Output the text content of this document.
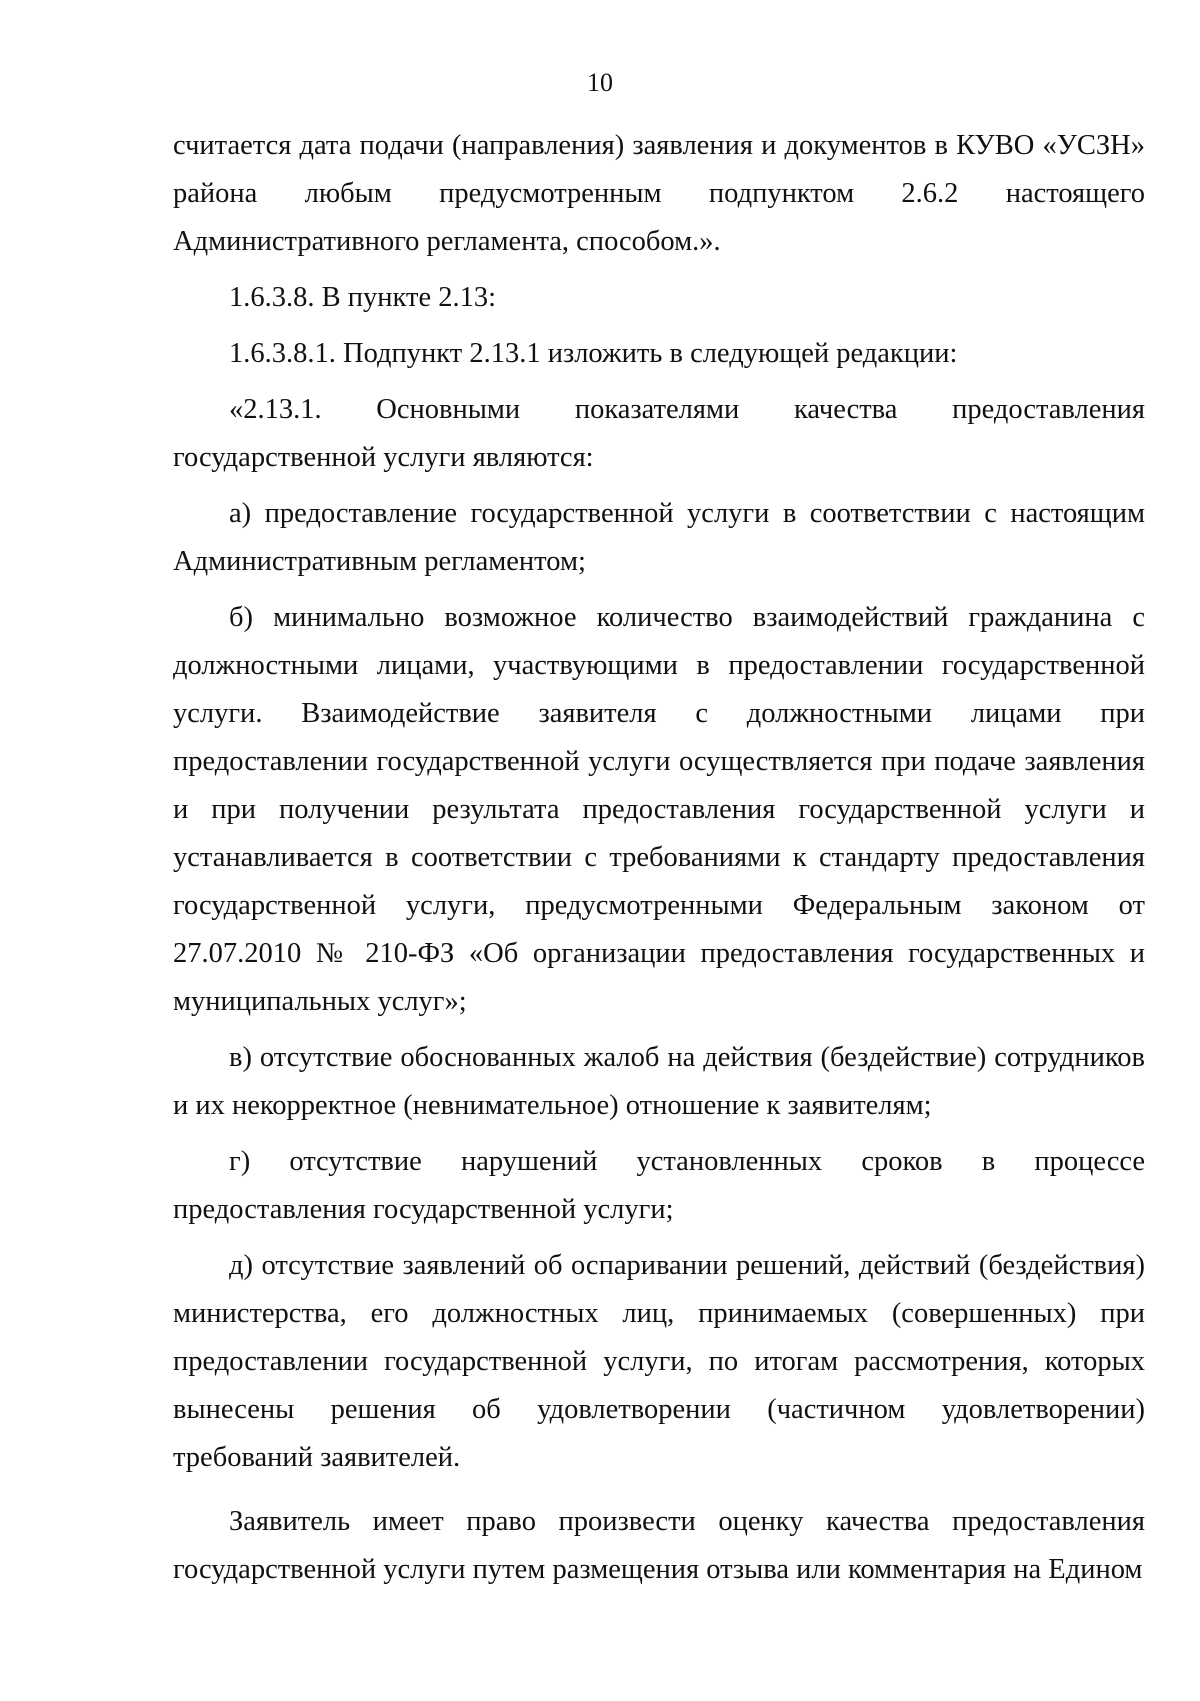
10

считается дата подачи (направления) заявления и документов в КУВО «УСЗН» района любым предусмотренным подпунктом 2.6.2 настоящего Административного регламента, способом.».

1.6.3.8. В пункте 2.13:

1.6.3.8.1. Подпункт 2.13.1 изложить в следующей редакции:

«2.13.1. Основными показателями качества предоставления государственной услуги являются:

а) предоставление государственной услуги в соответствии с настоящим Административным регламентом;

б) минимально возможное количество взаимодействий гражданина с должностными лицами, участвующими в предоставлении государственной услуги. Взаимодействие заявителя с должностными лицами при предоставлении государственной услуги осуществляется при подаче заявления и при получении результата предоставления государственной услуги и устанавливается в соответствии с требованиями к стандарту предоставления государственной услуги, предусмотренными Федеральным законом от 27.07.2010 № 210-ФЗ «Об организации предоставления государственных и муниципальных услуг»;

в) отсутствие обоснованных жалоб на действия (бездействие) сотрудников и их некорректное (невнимательное) отношение к заявителям;

г) отсутствие нарушений установленных сроков в процессе предоставления государственной услуги;

д) отсутствие заявлений об оспаривании решений, действий (бездействия) министерства, его должностных лиц, принимаемых (совершенных) при предоставлении государственной услуги, по итогам рассмотрения, которых вынесены решения об удовлетворении (частичном удовлетворении) требований заявителей.

Заявитель имеет право произвести оценку качества предоставления государственной услуги путем размещения отзыва или комментария на Едином
